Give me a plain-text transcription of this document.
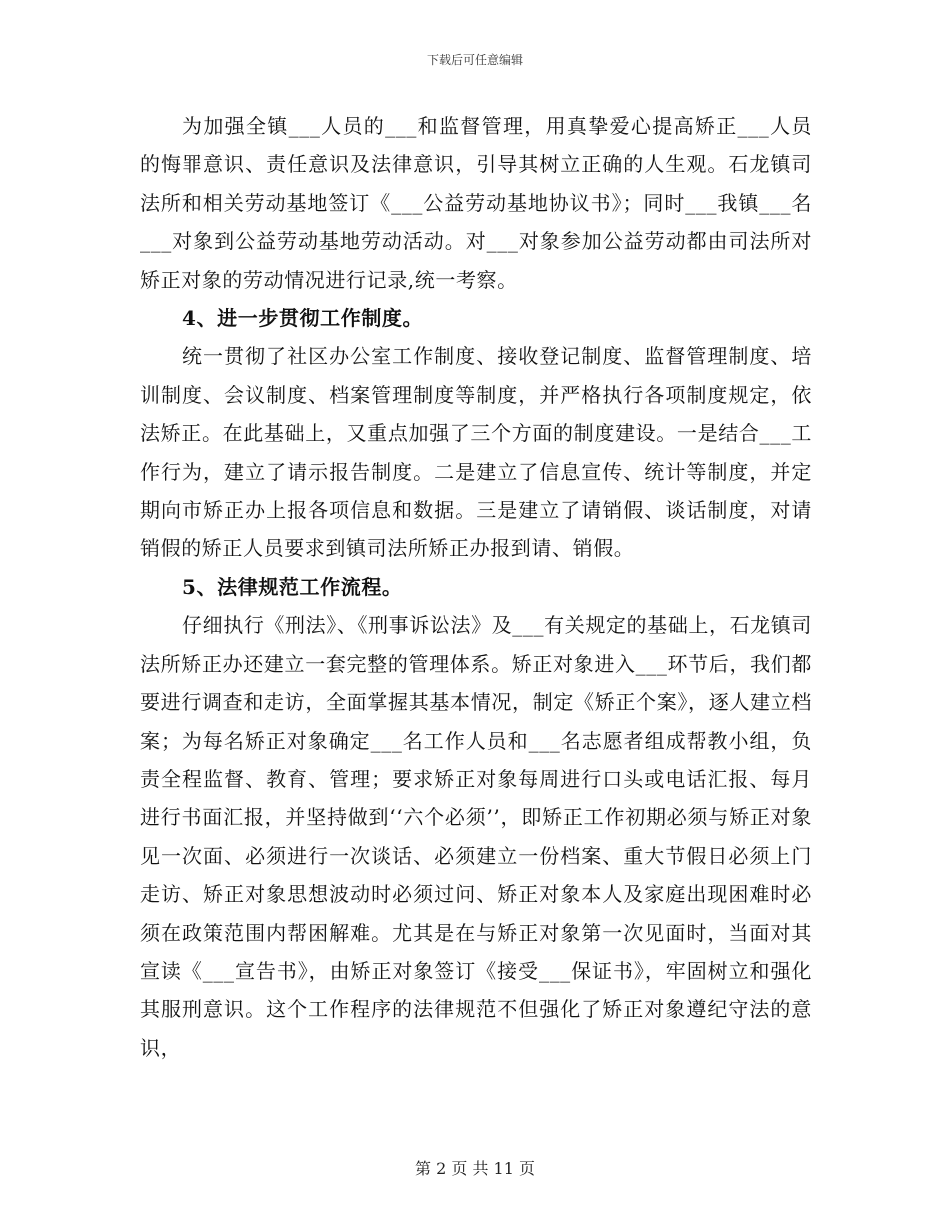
下载后可任意编辑

为加强全镇___人员的___和监督管理，用真挚爱心提高矫正___人员的悔罪意识、责任意识及法律意识，引导其树立正确的人生观。石龙镇司法所和相关劳动基地签订《___公益劳动基地协议书》；同时___我镇___名___对象到公益劳动基地劳动活动。对___对象参加公益劳动都由司法所对矫正对象的劳动情况进行记录,统一考察。

4、进一步贯彻工作制度。

统一贯彻了社区办公室工作制度、接收登记制度、监督管理制度、培训制度、会议制度、档案管理制度等制度，并严格执行各项制度规定，依法矫正。在此基础上，又重点加强了三个方面的制度建设。一是结合___工作行为，建立了请示报告制度。二是建立了信息宣传、统计等制度，并定期向市矫正办上报各项信息和数据。三是建立了请销假、谈话制度，对请销假的矫正人员要求到镇司法所矫正办报到请、销假。

5、法律规范工作流程。

仔细执行《刑法》、《刑事诉讼法》及___有关规定的基础上，石龙镇司法所矫正办还建立一套完整的管理体系。矫正对象进入___环节后，我们都要进行调查和走访，全面掌握其基本情况，制定《矫正个案》，逐人建立档案；为每名矫正对象确定___名工作人员和___名志愿者组成帮教小组，负责全程监督、教育、管理；要求矫正对象每周进行口头或电话汇报、每月进行书面汇报，并坚持做到‘‘六个必须’’，即矫正工作初期必须与矫正对象见一次面、必须进行一次谈话、必须建立一份档案、重大节假日必须上门走访、矫正对象思想波动时必须过问、矫正对象本人及家庭出现困难时必须在政策范围内帮困解难。尤其是在与矫正对象第一次见面时，当面对其宣读《___宣告书》，由矫正对象签订《接受___保证书》，牢固树立和强化其服刑意识。这个工作程序的法律规范不但强化了矫正对象遵纪守法的意识，

第 2 页 共 11 页
